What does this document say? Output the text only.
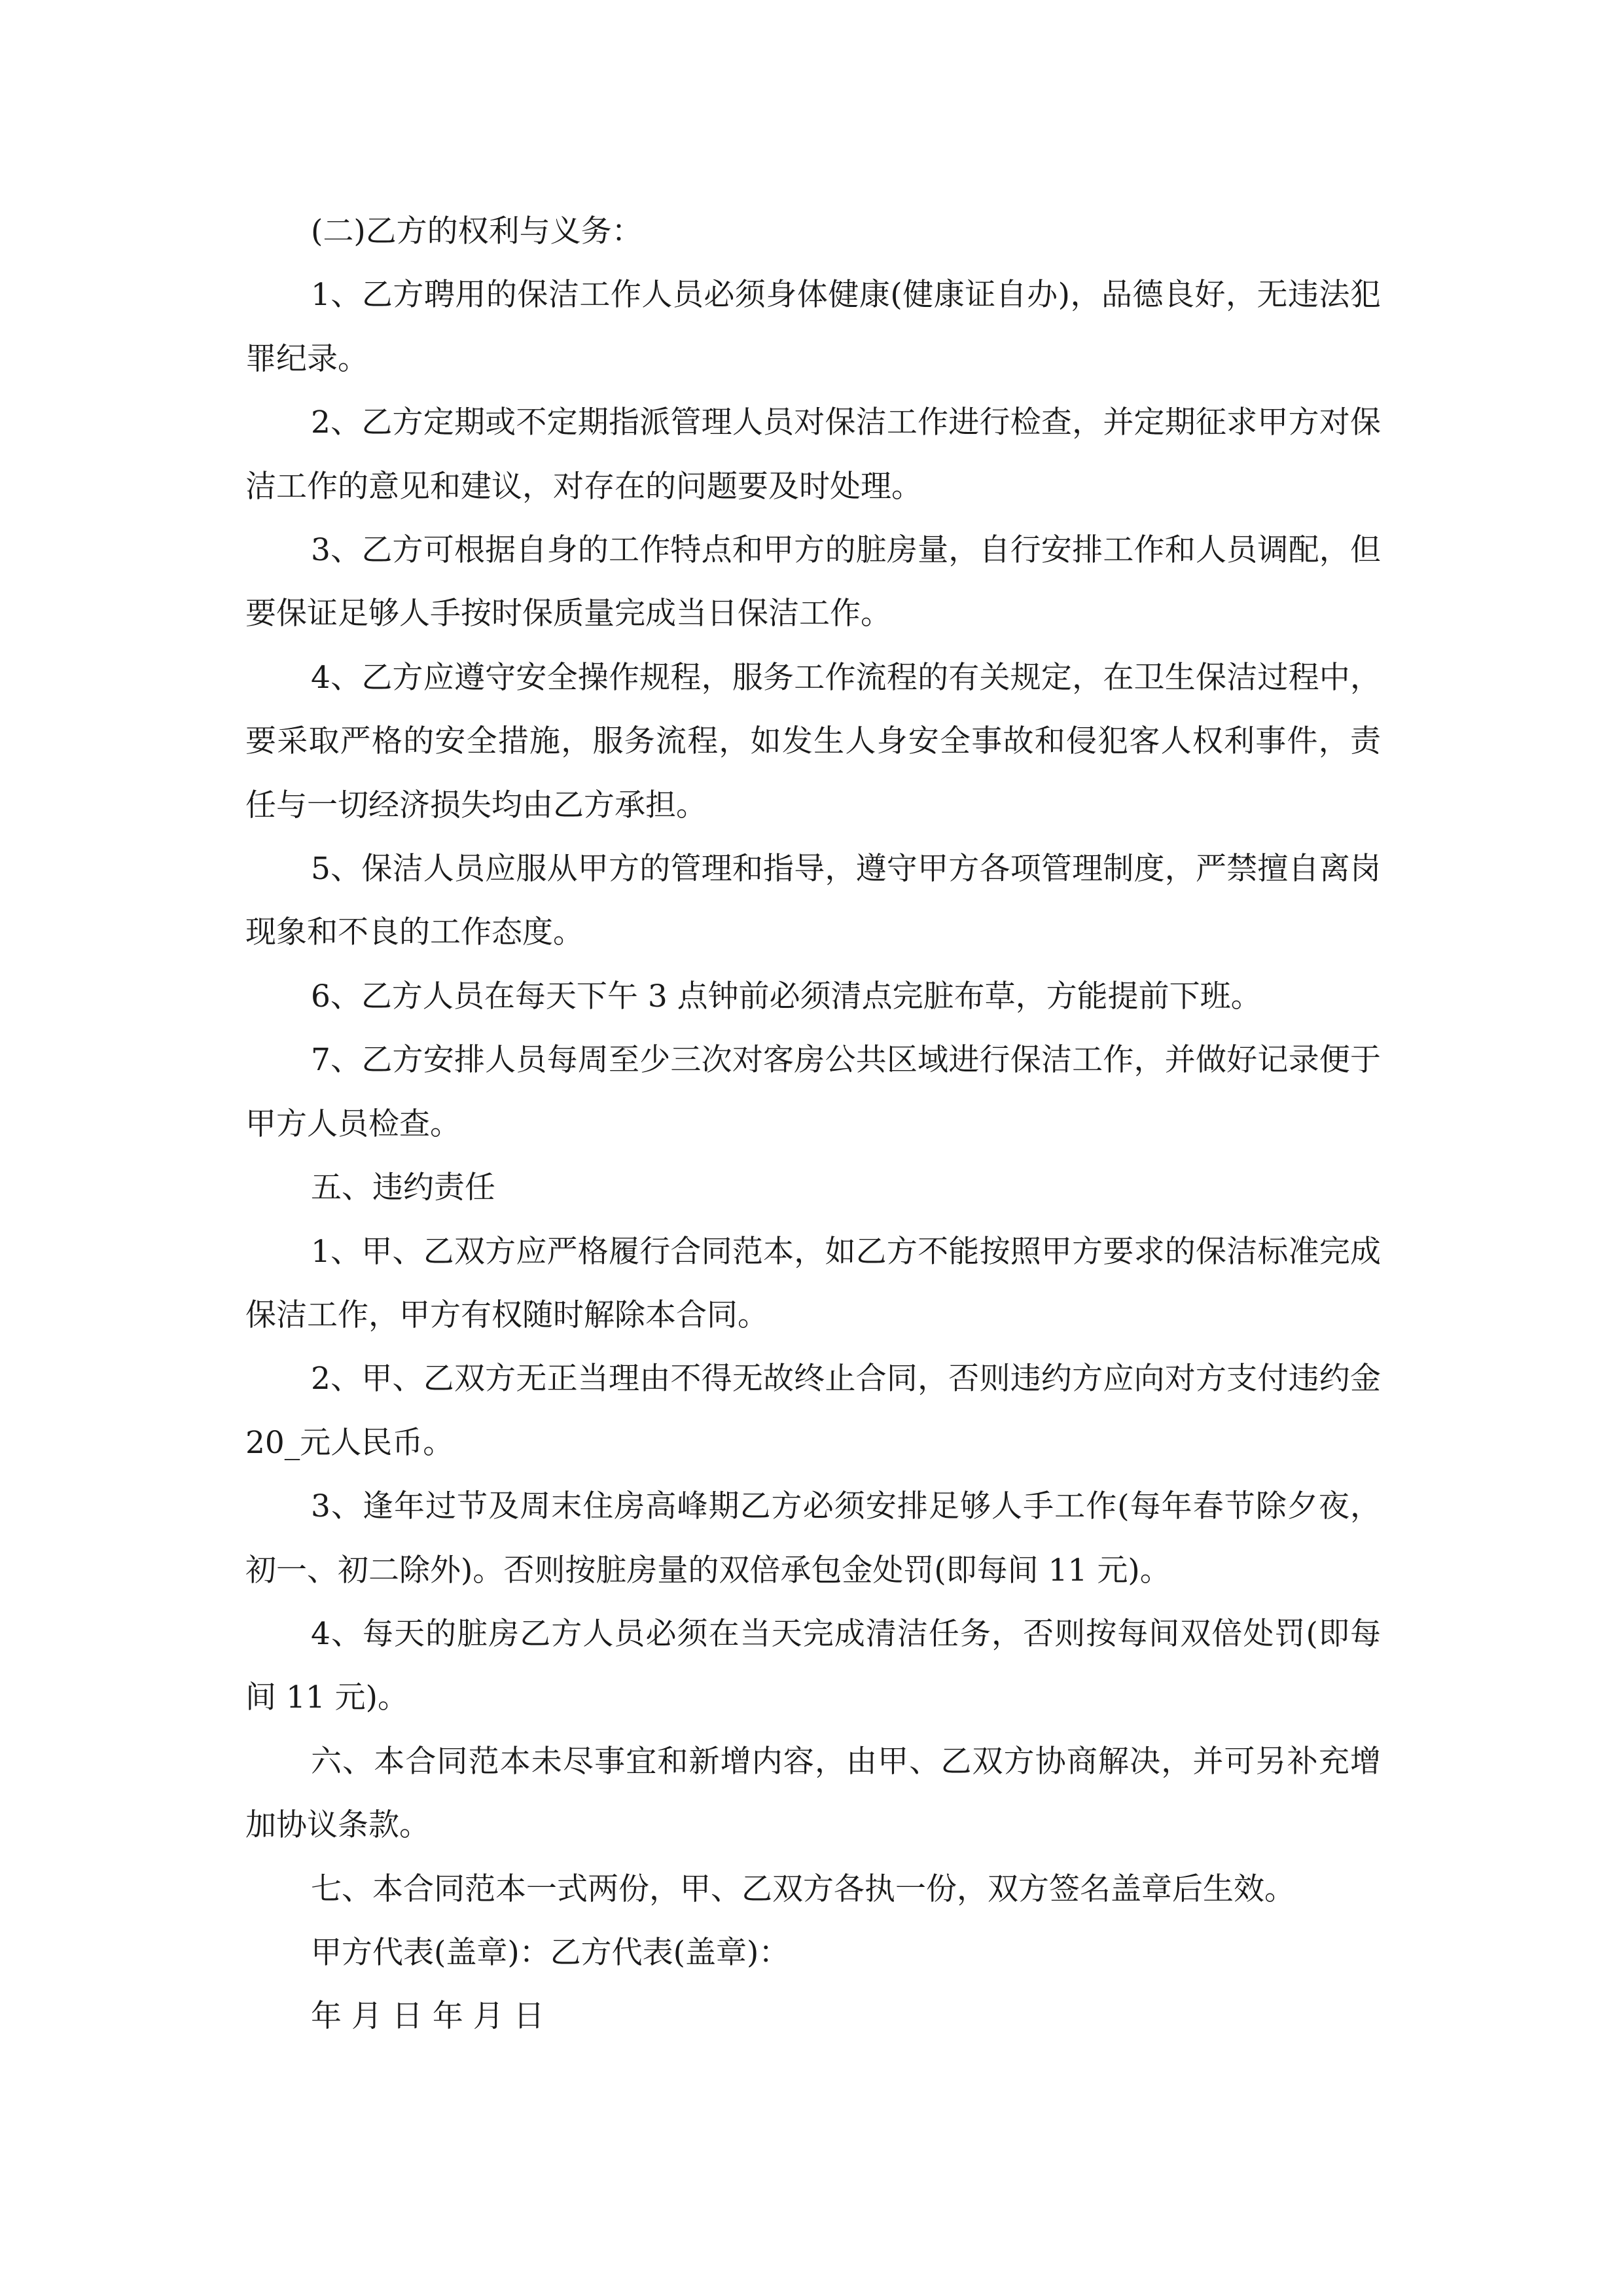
(二)乙方的权利与义务：

1、乙方聘用的保洁工作人员必须身体健康(健康证自办)，品德良好，无违法犯罪纪录。

2、乙方定期或不定期指派管理人员对保洁工作进行检查，并定期征求甲方对保洁工作的意见和建议，对存在的问题要及时处理。

3、乙方可根据自身的工作特点和甲方的脏房量，自行安排工作和人员调配，但要保证足够人手按时保质量完成当日保洁工作。

4、乙方应遵守安全操作规程，服务工作流程的有关规定，在卫生保洁过程中，要采取严格的安全措施，服务流程，如发生人身安全事故和侵犯客人权利事件，责任与一切经济损失均由乙方承担。

5、保洁人员应服从甲方的管理和指导，遵守甲方各项管理制度，严禁擅自离岗现象和不良的工作态度。

6、乙方人员在每天下午 3 点钟前必须清点完脏布草，方能提前下班。

7、乙方安排人员每周至少三次对客房公共区域进行保洁工作，并做好记录便于甲方人员检查。

五、违约责任

1、甲、乙双方应严格履行合同范本，如乙方不能按照甲方要求的保洁标准完成保洁工作，甲方有权随时解除本合同。

2、甲、乙双方无正当理由不得无故终止合同，否则违约方应向对方支付违约金 20_元人民币。

3、逢年过节及周末住房高峰期乙方必须安排足够人手工作(每年春节除夕夜，初一、初二除外)。否则按脏房量的双倍承包金处罚(即每间 11 元)。

4、每天的脏房乙方人员必须在当天完成清洁任务，否则按每间双倍处罚(即每间 11 元)。

六、本合同范本未尽事宜和新增内容，由甲、乙双方协商解决，并可另补充增加协议条款。

七、本合同范本一式两份，甲、乙双方各执一份，双方签名盖章后生效。

甲方代表(盖章)：乙方代表(盖章)：

年 月 日 年 月 日
